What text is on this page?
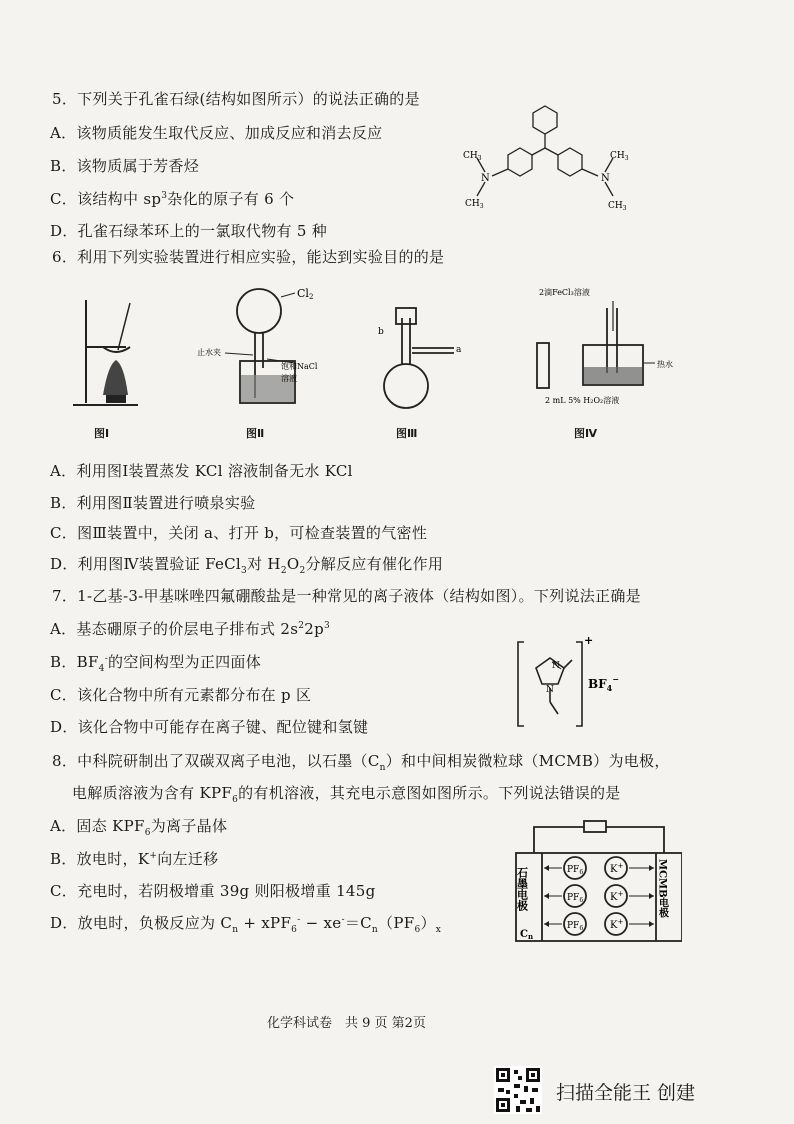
5．下列关于孔雀石绿(结构如图所示）的说法正确的是
A．该物质能发生取代反应、加成反应和消去反应
B．该物质属于芳香烃
C．该结构中 $sp^3$杂化的原子有 6 个
D．孔雀石绿苯环上的一氯取代物有 5 种
N	N
$CH_3$
$CH_3$
$CH_3$
$CH_3$
6．利用下列实验装置进行相应实验，能达到实验目的的是
图Ⅰ
Cl2
止水夹
饱和NaCl
溶液
图Ⅱ
b
a
图Ⅲ
2滴FeCl₃溶液
热水
2 mL 5% H₂O₂溶液
图Ⅳ
A．利用图Ⅰ装置蒸发 KCl 溶液制备无水 KCl
B．利用图Ⅱ装置进行喷泉实验
C．图Ⅲ装置中，关闭 a、打开 b，可检查装置的气密性
D．利用图Ⅳ装置验证 FeCl$_3$对 $H_2O_2$分解反应有催化作用
7．1-乙基-3-甲基咪唑四氟硼酸盐是一种常见的离子液体（结构如图）。下列说法正确是
A．基态硼原子的价层电子排布式 $2s^22p^3$
B．$BF_4^-$的空间构型为正四面体
C．该化合物中所有元素都分布在 p 区
D．该化合物中可能存在离子键、配位键和氢键
+
N
N	$BF_4^-$
8．中科院研制出了双碳双离子电池，以石墨$(C_n)$和中间相炭微粒球（MCMB）为电极，
电解质溶液为含有 $KPF_6$的有机溶液，其充电示意图如图所示。下列说法错误的是
A．固态 $KPF_6$为离子晶体
B．放电时，K+向左迁移
C．充电时，若阴极增重 39g 则阳极增重 145g
D．放电时，负极反应为 $C_n + xPF_6^- - xe^-=C_n(PF_6)_x$
石墨电极
$C_n$
MCMB电极
$PF_6$
$PF_6$
$PF_6$
K+
K+
K+
化学科试卷　共 9 页 第2页
扫描全能王 创建
